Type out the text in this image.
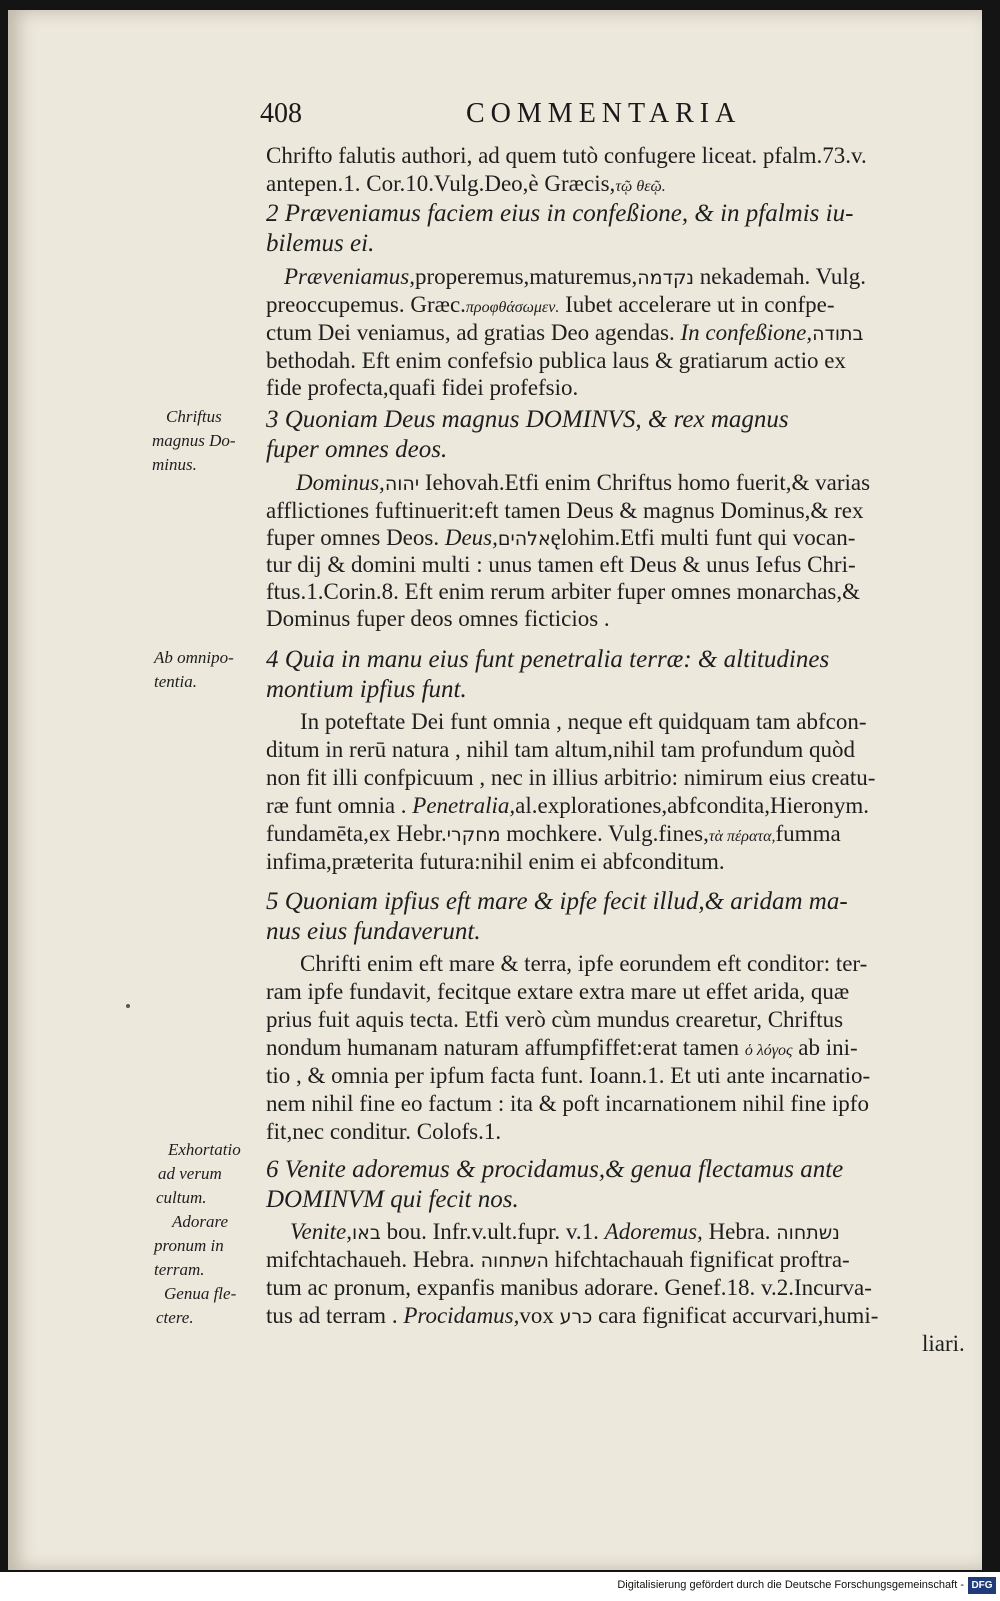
408	COMMENTARIA
Chrifto falutis authori, ad quem tutò confugere liceat. pfalm.73.v.
antepen.1. Cor.10.Vulg.Deo,è Græcis,τῷ θεῷ.
2 Præveniamus faciem eius in confeßione, & in pfalmis iu-
bilemus ei.
Præveniamus,properemus,maturemus,נקדמה nekademah. Vulg.
preoccupemus. Græc.προφθάσωμεν. Iubet accelerare ut in confpe-
ctum Dei veniamus, ad gratias Deo agendas. In confeßione,בתודה
bethodah. Eft enim confefsio publica laus & gratiarum actio ex
fide profecta,quafi fidei profefsio.
3 Quoniam Deus magnus DOMINVS, & rex magnus
fuper omnes deos.
Dominus,יהוה Iehovah.Etfi enim Chriftus homo fuerit,& varias
afflictiones fuftinuerit:eft tamen Deus & magnus Dominus,& rex
fuper omnes Deos. Deus,אלהיםęlohim.Etfi multi funt qui vocan-
tur dij & domini multi : unus tamen eft Deus & unus Iefus Chri-
ftus.1.Corin.8. Eft enim rerum arbiter fuper omnes monarchas,&
Dominus fuper deos omnes ficticios .
4 Quia in manu eius funt penetralia terræ: & altitudines
montium ipfius funt.
In poteftate Dei funt omnia , neque eft quidquam tam abfcon-
ditum in rerū natura , nihil tam altum,nihil tam profundum quòd
non fit illi confpicuum , nec in illius arbitrio: nimirum eius creatu-
ræ funt omnia . Penetralia,al.explorationes,abfcondita,Hieronym.
fundamēta,ex Hebr.מחקרי mochkere. Vulg.fines,τὰ πέρατα,fumma
infima,præterita futura:nihil enim ei abfconditum.
5 Quoniam ipfius eft mare & ipfe fecit illud,& aridam ma-
nus eius fundaverunt.
Chrifti enim eft mare & terra, ipfe eorundem eft conditor: ter-
ram ipfe fundavit, fecitque extare extra mare ut effet arida, quæ
prius fuit aquis tecta. Etfi verò cùm mundus crearetur, Chriftus
nondum humanam naturam affumpfiffet:erat tamen ὁ λόγος ab ini-
tio , & omnia per ipfum facta funt. Ioann.1. Et uti ante incarnatio-
nem nihil fine eo factum : ita & poft incarnationem nihil fine ipfo
fit,nec conditur. Colofs.1.
6 Venite adoremus & procidamus,& genua flectamus ante
DOMINVM qui fecit nos.
Venite,באו bou. Infr.v.ult.fupr. v.1. Adoremus, Hebra. נשתחוה
mifchtachaueh. Hebra. השתחוה hifchtachauah fignificat proftra-
tum ac pronum, expanfis manibus adorare. Genef.18. v.2.Incurva-
tus ad terram . Procidamus,vox כרע cara fignificat accurvari,humi-
liari.
Chriftus
magnus Do-
minus.
Ab omnipo-
tentia.
Exhortatio
ad verum
cultum.
Adorare
pronum in
terram.
Genua fle-
ctere.
Digitalisierung gefördert durch die Deutsche Forschungsgemeinschaft - DFG
